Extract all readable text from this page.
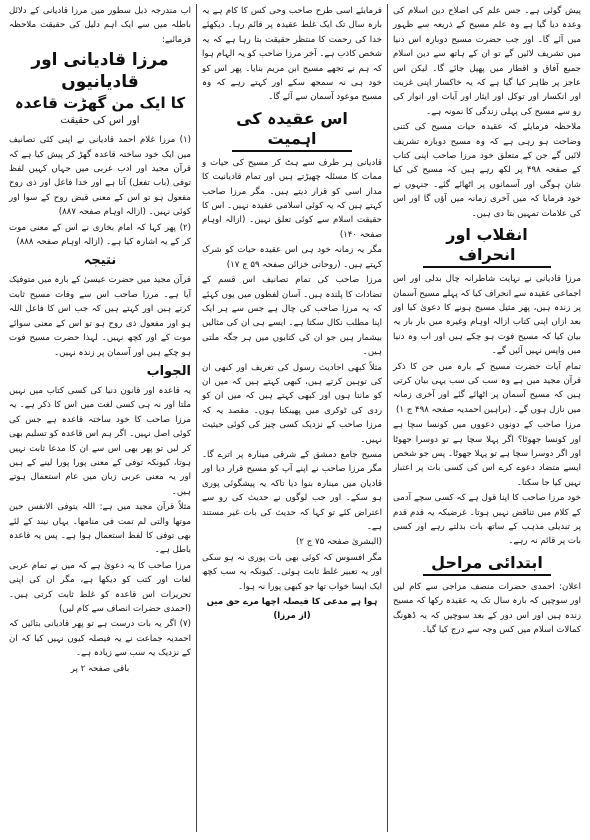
پیش گوئی ہے۔ جس علم کی اصلاح دین اسلام کی وعدہ دیا گیا ہے وہ علم مسیح کے ذریعہ سے ظہور میں آئے گا۔ اور جب حضرت مسیح دوبارہ اس دنیا میں تشریف لائیں گے تو ان کے ہاتھ سے دین اسلام جمیع آفاق و اقطار میں پھیل جائے گا۔ لیکن اس عاجز پر ظاہر کیا گیا ہے کہ یہ خاکسار اپنی غربت اور انکسار اور توکل اور ایثار اور آیات اور انوار کی رو سے مسیح کی پہلی زندگی کا نمونہ ہے۔

ملاحظہ فرمایئے کہ عقیدہ حیات مسیح کی کتنی وضاحت ہو رہی ہے کہ وہ مسیح دوبارہ تشریف لائیں گے جن کے متعلق خود مرزا صاحب اپنی کتاب کے صفحہ ۴۹۸ پر لکھ رہے ہیں کہ مسیح کی کیا شان ہوگی اور آسمانوں پر اٹھائے گئے۔ جنہوں نے خود فرمایا کہ میں آخری زمانہ میں آؤں گا اور اس کی علامات تمہیں بتا دی ہیں۔

انقلاب اور انحراف

مرزا قادیانی نے نہایت شاطرانہ چال بدلی اور اس اجماعی عقیدہ سے انحراف کیا کہ پہلے مسیح آسمان پر زندہ ہیں، پھر مثیل مسیح ہونے کا دعویٰ کیا اور بعد ازاں اپنی کتاب ازالہ اوہام وغیرہ میں بار بار یہ بیان کیا کہ مسیح فوت ہو چکے ہیں اور اب وہ دنیا میں واپس نہیں آئیں گے۔

تمام آیات حضرت مسیح کے بارہ میں جن کا ذکر قرآن مجید میں ہے وہ سب کی سب یہی بیان کرتی ہیں کہ مسیح آسمان پر اٹھائے گئے اور آخری زمانہ میں نازل ہوں گے۔ (براہین احمدیہ صفحہ ۴۹۸ ج ۱)

مرزا صاحب کے دونوں دعووں میں کونسا سچا ہے اور کونسا جھوٹا؟ اگر پہلا سچا ہے تو دوسرا جھوٹا اور اگر دوسرا سچا ہے تو پہلا جھوٹا۔ پس جو شخص ایسے متضاد دعوے کرے اس کی کسی بات پر اعتبار نہیں کیا جا سکتا۔

خود مرزا صاحب کا اپنا قول ہے کہ کسی سچے آدمی کے کلام میں تناقض نہیں ہوتا۔ غرضیکہ یہ قدم قدم پر تبدیلی مذہب کے ساتھ بات بدلتے رہے اور کسی بات پر قائم نہ رہے۔

ابتدائی مراحل

اعلان: احمدی حضرات منصف مزاجی سے کام لیں اور سوچیں کہ بارہ سال تک یہ عقیدہ رکھا کہ مسیح زندہ ہیں اور اس دور کے بعد سوچیں کہ یہ ڈھونگ کمالات اسلام میں کس وجہ سے درج کیا گیا۔

فرمایئے اسی طرح صاحب وحی کس کا کام ہے یہ بارہ سال تک ایک غلط عقیدہ پر قائم رہا۔ دیکھئے خدا کی رحمت کا منتظر حقیقت بتا رہا ہے کہ یہ شخص کاذب ہے۔ آخر مرزا صاحب کو یہ الہام ہوا کہ ہم نے تجھے مسیح ابن مریم بنایا۔ پھر اس کو خود ہی نہ سمجھ سکے اور کہتے رہے کہ وہ مسیح موعود آسمان سے آئے گا۔

اس عقیدہ کی اہمیت

قادیانی ہر طرف سے ہٹ کر مسیح کی حیات و ممات کا مسئلہ چھیڑتے ہیں اور تمام قادیانیت کا مدار اسی کو قرار دیتے ہیں۔ مگر مرزا صاحب کہتے ہیں کہ یہ کوئی اسلامی عقیدہ نہیں۔ اس کا حقیقت اسلام سے کوئی تعلق نہیں۔ (ازالہ اوہام صفحہ ۱۴۰)

مگر یہ زمانہ خود ہی اس عقیدہ حیات کو شرک کہتے ہیں۔ (روحانی خزائن صفحہ ۵۹ ج ۱۷)

مرزا صاحب کی تمام تصانیف اس قسم کے تضادات کا پلندہ ہیں۔ آسان لفظوں میں یوں کہئے کہ یہ مرزا صاحب کی چال ہے جس سے ہر ایک اپنا مطلب نکال سکتا ہے۔ ایسے ہی ان کی مثالیں بیشمار ہیں جو ان کی کتابوں میں ہر جگہ ملتی ہیں۔

مثلاً کبھی احادیث رسول کی تعریف اور کبھی ان کی توہین کرتے ہیں، کبھی کہتے ہیں کہ میں ان کو مانتا ہوں اور کبھی کہتے ہیں کہ میں ان کو ردی کی ٹوکری میں پھینکتا ہوں۔ مقصد یہ کہ مرزا صاحب کے نزدیک کسی چیز کی کوئی حیثیت نہیں۔

مسیح جامع دمشق کے شرقی مینارہ پر اترے گا۔ مگر مرزا صاحب نے اپنے آپ کو مسیح قرار دیا اور قادیان میں مینارہ بنوا دیا تاکہ یہ پیشگوئی پوری ہو سکے۔ اور جب لوگوں نے حدیث کی رو سے اعتراض کئے تو کہا کہ حدیث کی بات غیر مستند ہے۔

(البشریٰ صفحہ ۷۵ ج ۲)

مگر افسوس کہ کوئی بھی بات پوری نہ ہو سکی اور یہ تعبیر غلط ثابت ہوئی۔ کیونکہ یہ سب کچھ ایک ایسا خواب تھا جو کبھی پورا نہ ہوا۔

ہوا ہے مدعی کا فیصلہ اچھا مرے حق میں (از مرزا)

اب مندرجہ ذیل سطور میں مرزا قادیانی کے دلائل باطلہ میں سے ایک اہم دلیل کی حقیقت ملاحظہ فرمائیے:

مرزا قادیانی اور قادیانیوں
کا ایک من گھڑت قاعدہ
اور اس کی حقیقت

(۱) مرزا غلام احمد قادیانی نے اپنی کئی تصانیف میں ایک خود ساختہ قاعدہ گھڑ کر پیش کیا ہے کہ قرآن مجید اور ادب عربی میں جہاں کہیں لفظ توفی (باب تفعل) آتا ہے اور خدا فاعل اور ذی روح مفعول ہو تو اس کے معنی قبض روح کے سوا اور کوئی نہیں۔ (ازالہ اوہام صفحہ ۸۸۷)

(۲) پھر کہا کہ امام بخاری نے اس کے معنی موت کر کے یہ اشارہ کیا ہے۔ (ازالہ اوہام صفحہ ۸۸۸)

نتیجہ

قرآن مجید میں حضرت عیسیٰ کے بارہ میں متوفیک آیا ہے۔ مرزا صاحب اس سے وفات مسیح ثابت کرتے ہیں اور کہتے ہیں کہ جب اس کا فاعل اللہ ہو اور مفعول ذی روح ہو تو اس کے معنی سوائے موت کے اور کچھ نہیں۔ لہذا حضرت مسیح فوت ہو چکے ہیں اور آسمان پر زندہ نہیں۔

الجواب

یہ قاعدہ اور قانون دنیا کی کسی کتاب میں نہیں ملتا اور نہ ہی کسی لغت میں اس کا ذکر ہے۔ یہ مرزا صاحب کا خود ساختہ قاعدہ ہے جس کی کوئی اصل نہیں۔ اگر ہم اس قاعدہ کو تسلیم بھی کر لیں تو پھر بھی اس سے ان کا مدعا ثابت نہیں ہوتا، کیونکہ توفی کے معنی پورا پورا لینے کے ہیں اور یہ معنی عربی زبان میں عام استعمال ہوتے ہیں۔

مثلاً قرآن مجید میں ہے: اللہ یتوفی الانفس حین موتھا والتی لم تمت فی منامھا۔ یہاں نیند کے لئے بھی توفی کا لفظ استعمال ہوا ہے۔ پس یہ قاعدہ باطل ہے۔

مرزا صاحب کا یہ دعویٰ ہے کہ میں نے تمام عربی لغات اور کتب کو دیکھا ہے، مگر ان کی اپنی تحریرات اس قاعدہ کو غلط ثابت کرتی ہیں۔ (احمدی حضرات انصاف سے کام لیں)

(۷) اگر یہ بات درست ہے تو پھر قادیانی بتائیں کہ احمدیہ جماعت نے یہ فیصلہ کیوں نہیں کیا کہ ان کے نزدیک یہ سب سے زیادہ ہے۔

باقی صفحہ ۲ پر
